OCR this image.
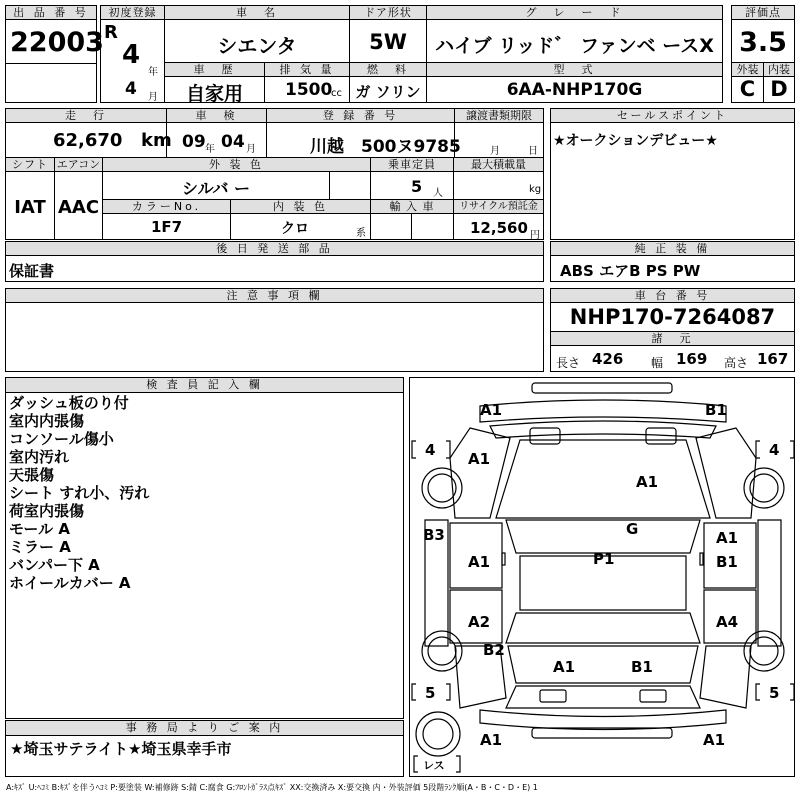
出 品 番 号
22003
初度登録
R
4
年
4 月
車　名
シエンタ
ドア形状
5W
グ　レ　ー　ド
ハイブ リッド゛ ファンベ ースX
評価点
3.5
車　歴
自家用
排 気 量
1500
cc
燃　料
ガ ソリン
型　式
6AA-NHP170G
外装 内装
C D
走　行
62,670 km
車　検
09 年 04 月
登 録 番 号
川越　500ヌ9785
譲渡書類期限
月	日
セールスポイント
★オークションデビュー★
シフト エアコン
IAT AAC
外 装 色
シルバ ー
乗車定員
5 人
最大積載量
kg
カラーNo.
1F7
内 装 色
クロ	系
輸 入 車	リサイクル預託金
12,560 円
後 日 発 送 部 品
保証書
純 正 装 備
ABS エアB PS PW
注 意 事 項 欄	車 台 番 号
NHP170-7264087
諸　元
長さ 426 幅 169 高さ 167
検 査 員 記 入 欄
ダッシュ板のり付
室内内張傷
コンソール傷小
室内汚れ
天張傷
シート すれ小、汚れ
荷室内張傷
モール A
ミラー A
バンパー下 A
ホイールカバー A
事 務 局 よ り ご 案 内
★埼玉サテライト★埼玉県幸手市
A1	B1
A1
A1
B3
A1	P1
G	A1
B1
A2	A4
B2
A1	B1
A1	A1
4	4
5	5
レス
A:ｷｽﾞ U:ﾍｺﾐ B:ｷｽﾞを伴うﾍｺﾐ P:要塗装 W:補修跡 S:錆 C:腐食 G:ﾌﾛﾝﾄｶﾞﾗｽ点ｷｽﾞ XX:交換済み X:要交換 内・外装評価 5段階ﾗﾝｸ順(A・B・C・D・E) 1
